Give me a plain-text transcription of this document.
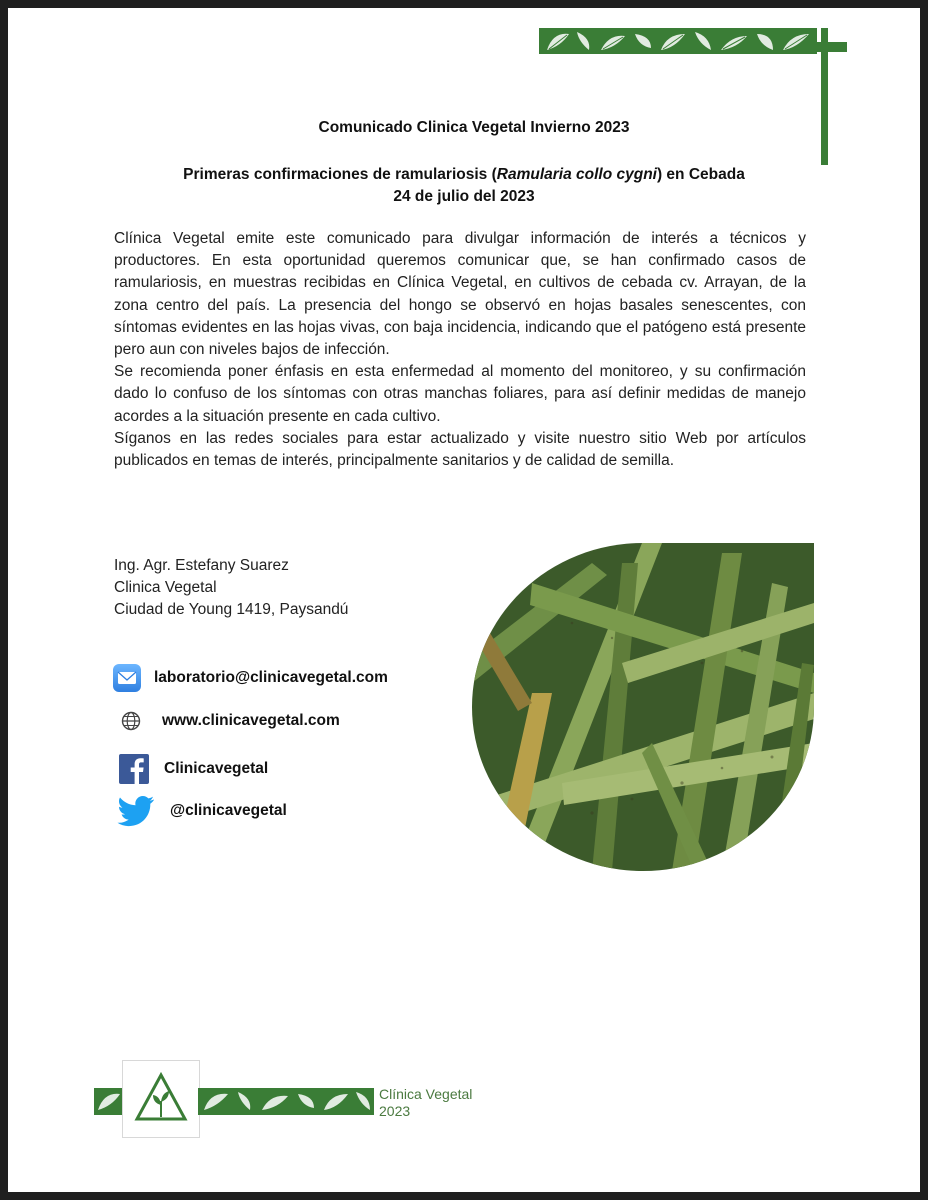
Comunicado Clinica Vegetal Invierno 2023
Primeras confirmaciones de ramulariosis (Ramularia collo cygni) en Cebada
24 de julio del 2023

Clínica Vegetal emite este comunicado para divulgar información de interés a técnicos y productores. En esta oportunidad queremos comunicar que, se han confirmado casos de ramulariosis, en muestras recibidas en Clínica Vegetal, en cultivos de cebada cv. Arrayan, de la zona centro del país. La presencia del hongo se observó en hojas basales senescentes, con síntomas evidentes en las hojas vivas, con baja incidencia, indicando que el patógeno está presente pero aun con niveles bajos de infección.

Se recomienda poner énfasis en esta enfermedad al momento del monitoreo, y su confirmación dado lo confuso de los síntomas con otras manchas foliares, para así definir medidas de manejo acordes a la situación presente en cada cultivo.

Síganos en las redes sociales para estar actualizado y visite nuestro sitio Web por artículos publicados en temas de interés, principalmente sanitarios y de calidad de semilla.

Ing. Agr. Estefany Suarez
Clinica Vegetal
Ciudad de Young 1419, Paysandú
laboratorio@clinicavegetal.com
www.clinicavegetal.com
Clinicavegetal
@clinicavegetal
Clínica Vegetal
2023
